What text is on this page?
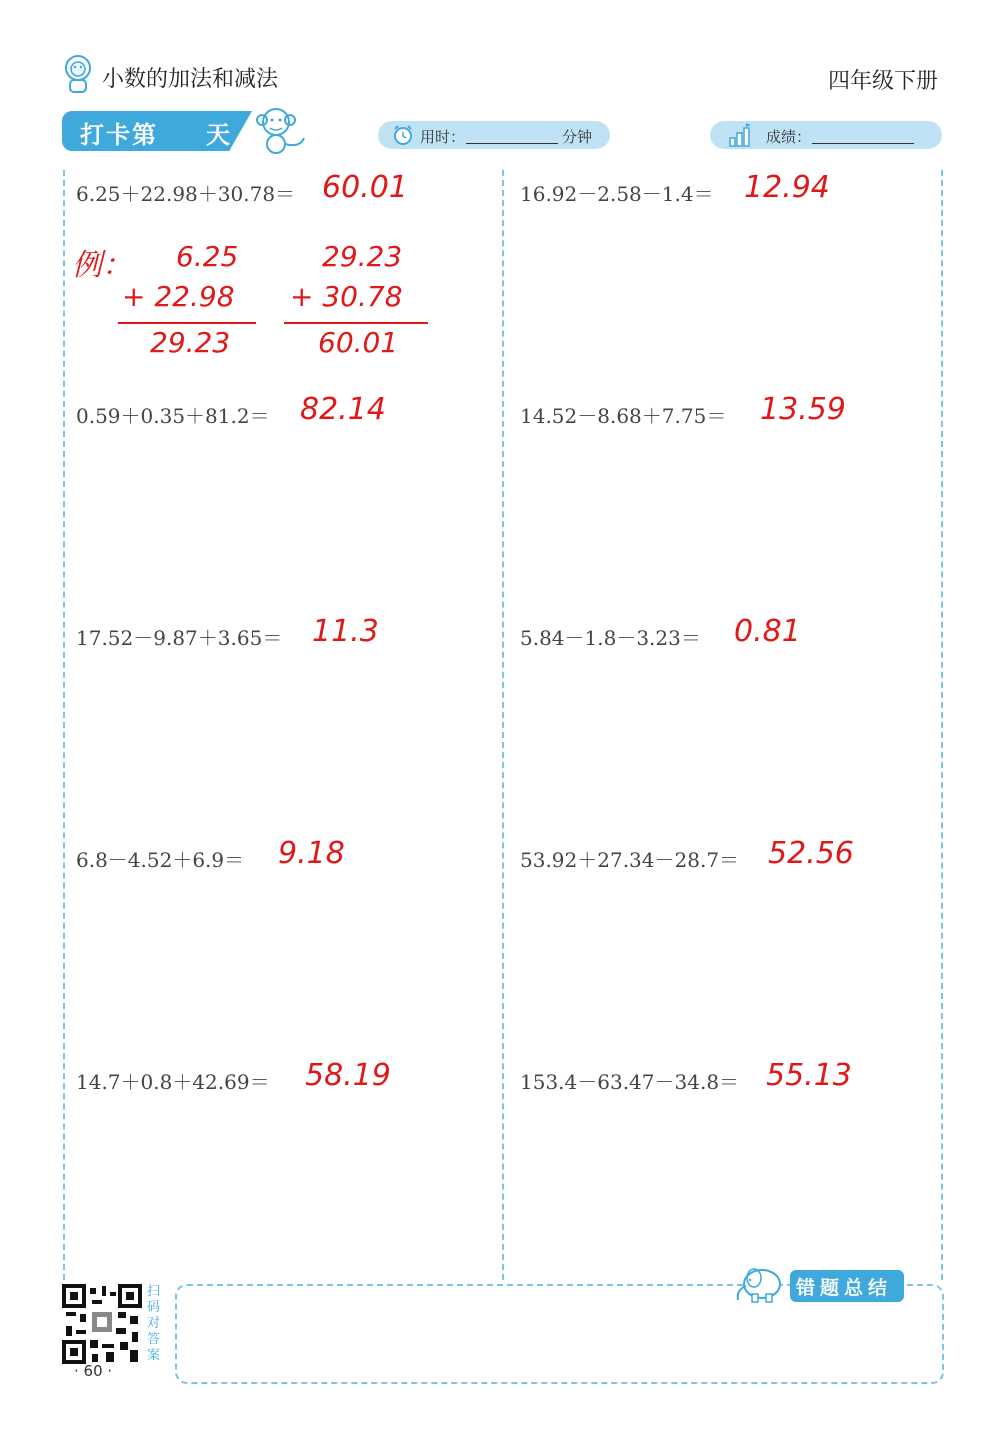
小数的加法和减法	四年级下册
打卡第 天	用时：	分钟	成绩：
6.25＋22.98＋30.78＝ 60.01
0.59＋0.35＋81.2＝ 82.14
17.52－9.87＋3.65＝ 11.3
6.8－4.52＋6.9＝ 9.18
14.7＋0.8＋42.69＝ 58.19
16.92－2.58－1.4＝ 12.94
14.52－8.68＋7.75＝ 13.59
5.84－1.8－3.23＝ 0.81
53.92＋27.34－28.7＝ 52.56
153.4－63.47－34.8＝ 55.13
例： 6.25
+ 22.98
29.23
29.23
+ 30.78
60.01
错题总结
扫码对答案
· 60 ·
